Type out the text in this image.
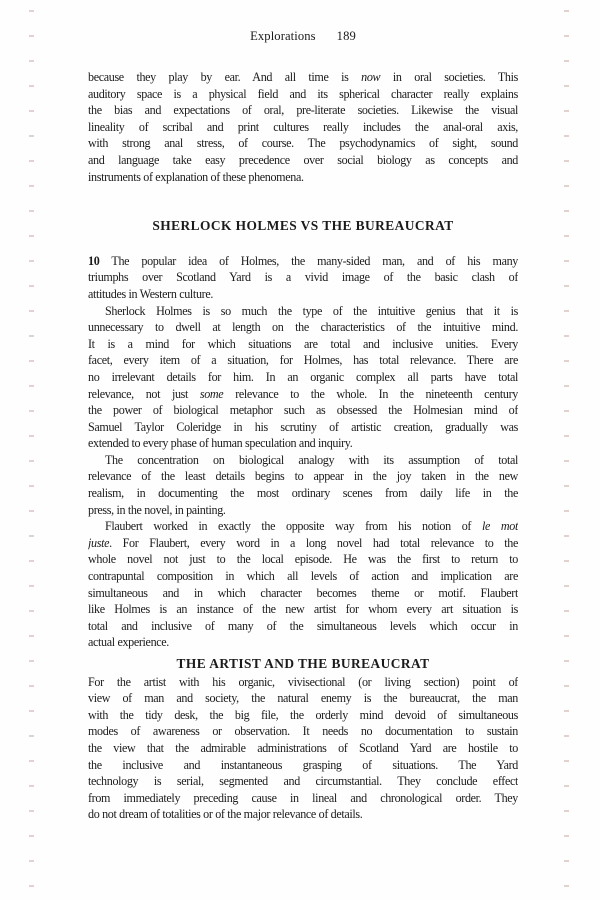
Explorations 189
because they play by ear. And all time is now in oral societies. This
auditory space is a physical field and its spherical character really explains
the bias and expectations of oral, pre-literate societies. Likewise the visual
lineality of scribal and print cultures really includes the anal-oral axis,
with strong anal stress, of course. The psychodynamics of sight, sound
and language take easy precedence over social biology as concepts and
instruments of explanation of these phenomena.
SHERLOCK HOLMES VS THE BUREAUCRAT
10 The popular idea of Holmes, the many-sided man, and of his many
triumphs over Scotland Yard is a vivid image of the basic clash of
attitudes in Western culture.
Sherlock Holmes is so much the type of the intuitive genius that it is
unnecessary to dwell at length on the characteristics of the intuitive mind.
It is a mind for which situations are total and inclusive unities. Every
facet, every item of a situation, for Holmes, has total relevance. There are
no irrelevant details for him. In an organic complex all parts have total
relevance, not just some relevance to the whole. In the nineteenth century
the power of biological metaphor such as obsessed the Holmesian mind of
Samuel Taylor Coleridge in his scrutiny of artistic creation, gradually was
extended to every phase of human speculation and inquiry.
The concentration on biological analogy with its assumption of total
relevance of the least details begins to appear in the joy taken in the new
realism, in documenting the most ordinary scenes from daily life in the
press, in the novel, in painting.
Flaubert worked in exactly the opposite way from his notion of le mot
juste. For Flaubert, every word in a long novel had total relevance to the
whole novel not just to the local episode. He was the first to return to
contrapuntal composition in which all levels of action and implication are
simultaneous and in which character becomes theme or motif. Flaubert
like Holmes is an instance of the new artist for whom every art situation is
total and inclusive of many of the simultaneous levels which occur in
actual experience.
THE ARTIST AND THE BUREAUCRAT
For the artist with his organic, vivisectional (or living section) point of
view of man and society, the natural enemy is the bureaucrat, the man
with the tidy desk, the big file, the orderly mind devoid of simultaneous
modes of awareness or observation. It needs no documentation to sustain
the view that the admirable administrations of Scotland Yard are hostile to
the inclusive and instantaneous grasping of situations. The Yard
technology is serial, segmented and circumstantial. They conclude effect
from immediately preceding cause in lineal and chronological order. They
do not dream of totalities or of the major relevance of details.
